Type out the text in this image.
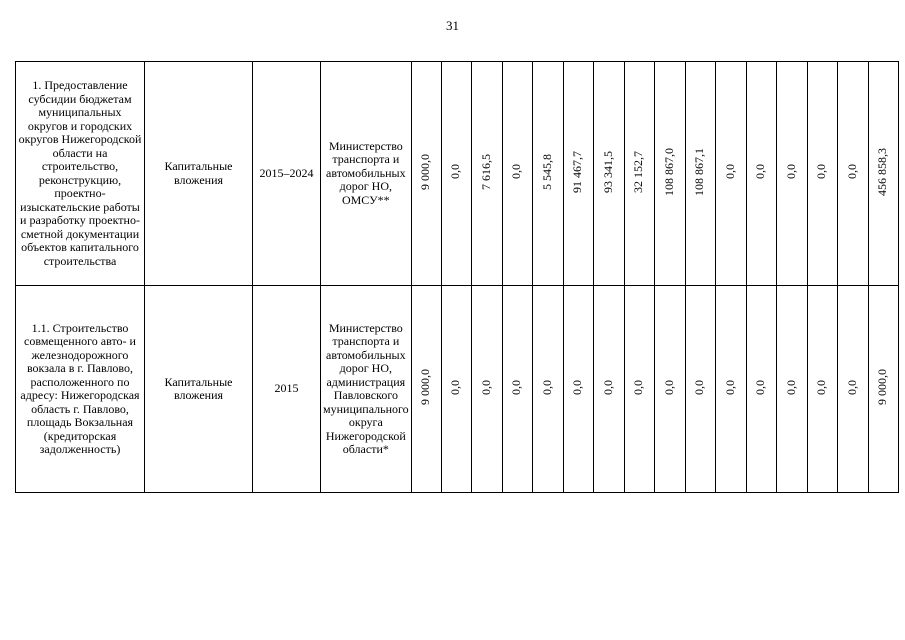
31
1. Предоставление субсидии бюджетам муниципальных округов и городских округов Нижегородской области на строительство, реконструкцию, проектно-изыскательские работы и разработку проектно-сметной документации объектов капитального строительства	Капитальные вложения	2015–2024	Министерство транспорта и автомобильных дорог НО, ОМСУ**	9 000,0	0,0	7 616,5	0,0	5 545,8	91 467,7	93 341,5	32 152,7	108 867,0	108 867,1	0,0	0,0	0,0	0,0	0,0	456 858,3

1.1. Строительство совмещенного авто- и железнодорожного вокзала в г. Павлово, расположенного по адресу: Нижегородская область г. Павлово, площадь Вокзальная (кредиторская задолженность)	Капитальные вложения	2015	Министерство транспорта и автомобильных дорог НО, администрация Павловского муниципального округа Нижегородской области*	9 000,0	0,0	0,0	0,0	0,0	0,0	0,0	0,0	0,0	0,0	0,0	0,0	0,0	0,0	0,0	9 000,0
